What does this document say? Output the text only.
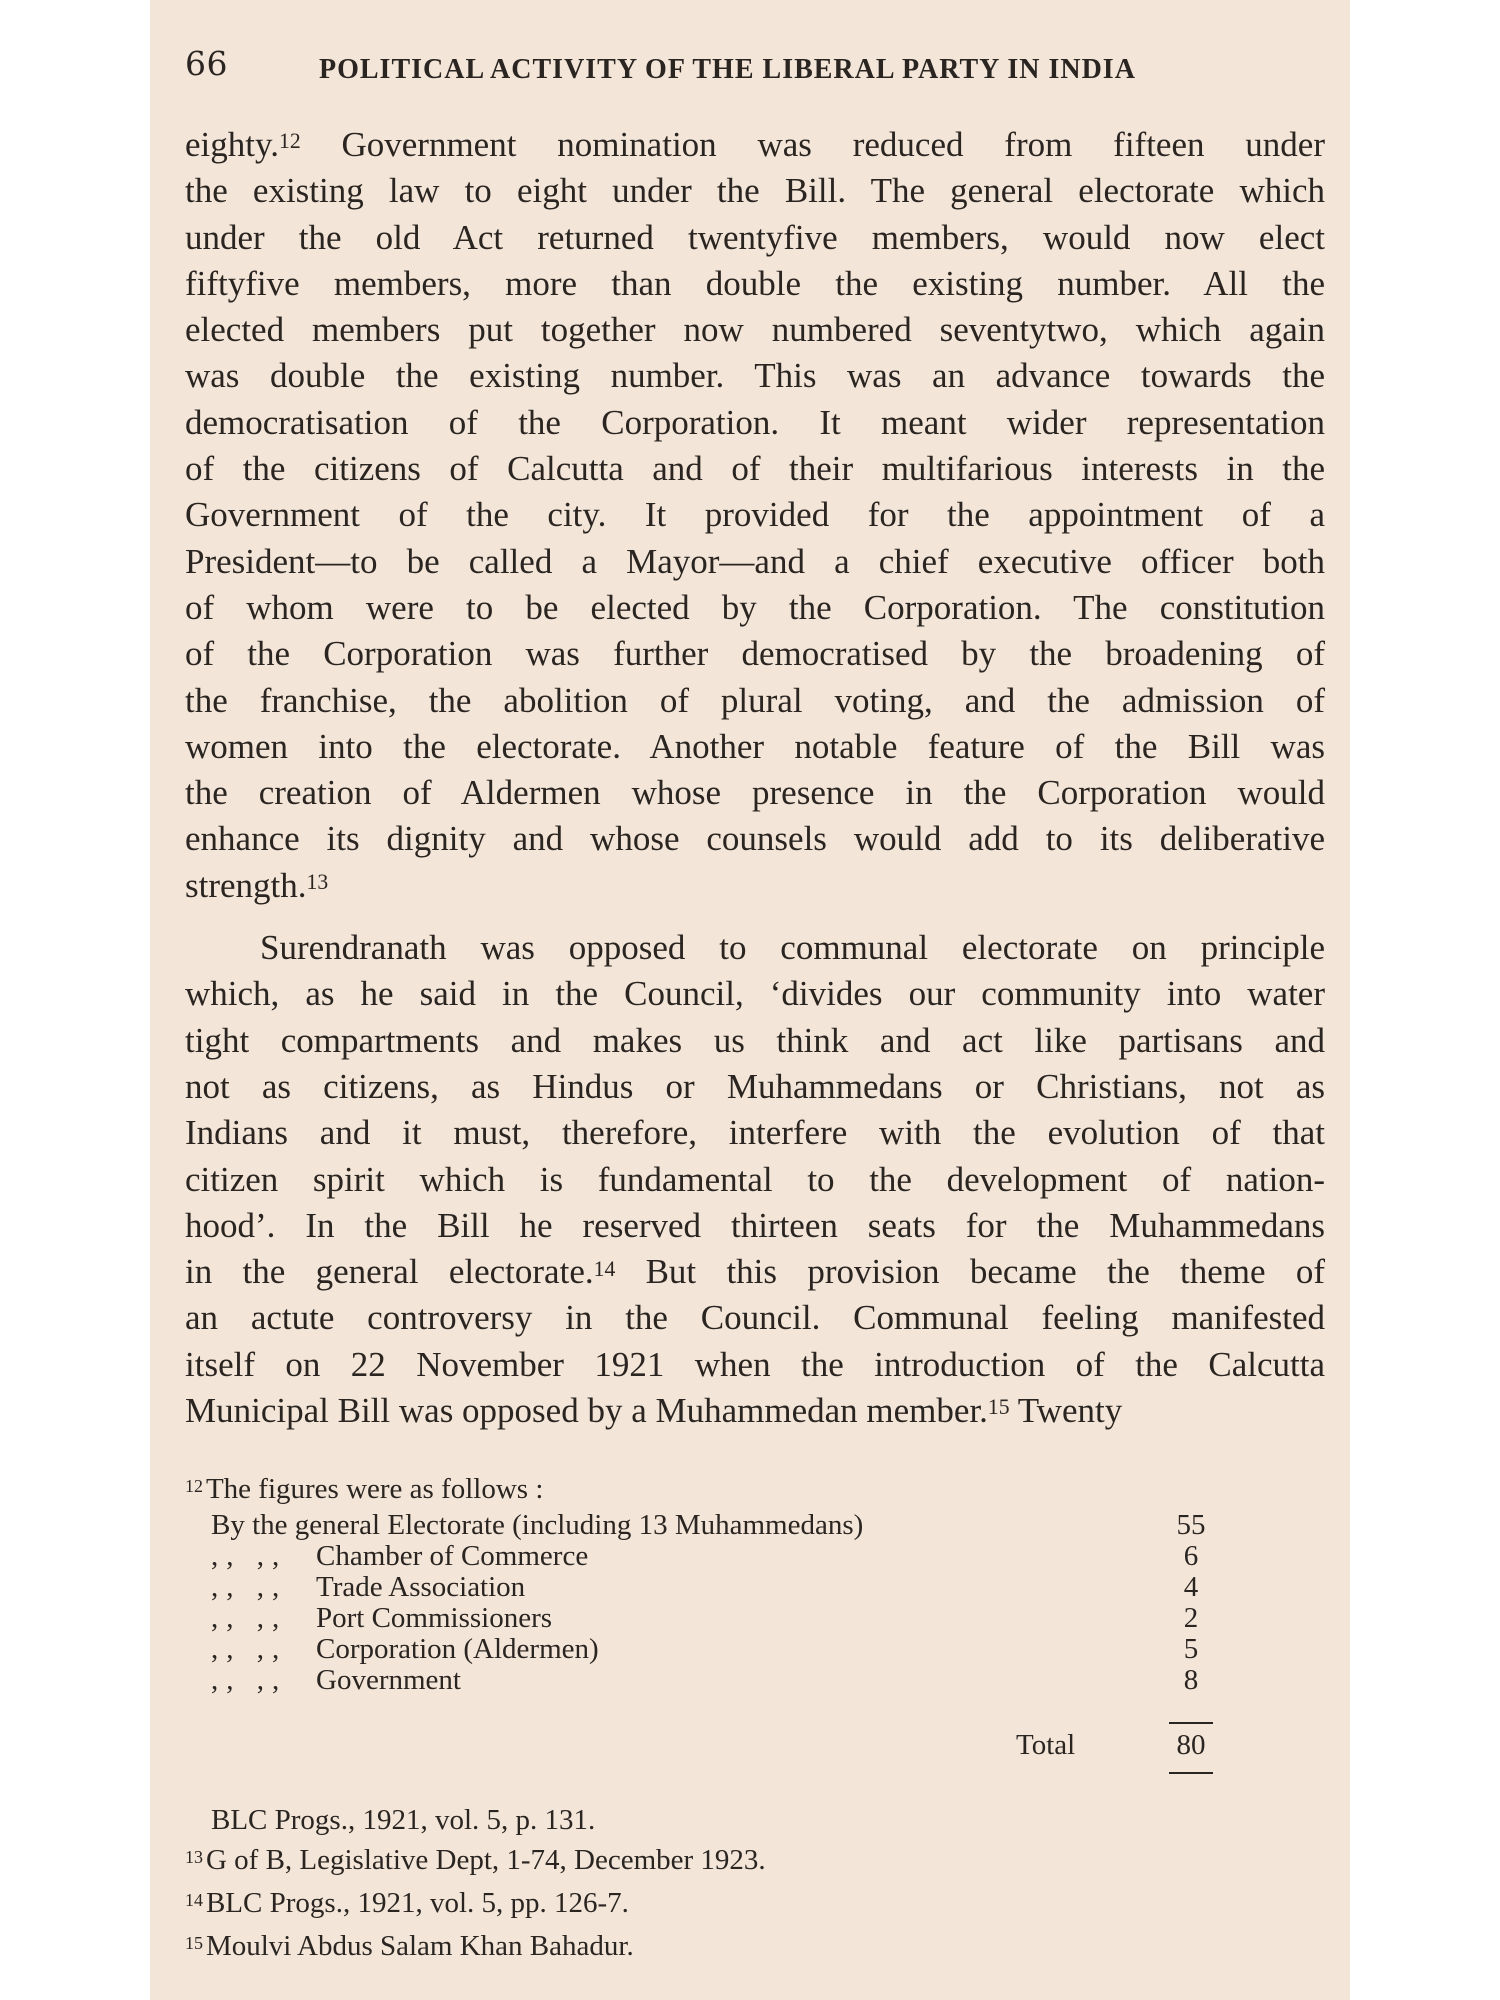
66	POLITICAL ACTIVITY OF THE LIBERAL PARTY IN INDIA
eighty.$^{12}$ Government nomination was reduced from fifteen under
the existing law to eight under the Bill. The general electorate which
under the old Act returned twentyfive members, would now elect
fiftyfive members, more than double the existing number. All the
elected members put together now numbered seventytwo, which again
was double the existing number. This was an advance towards the
democratisation of the Corporation. It meant wider representation
of the citizens of Calcutta and of their multifarious interests in the
Government of the city. It provided for the appointment of a
President—to be called a Mayor—and a chief executive officer both
of whom were to be elected by the Corporation. The constitution
of the Corporation was further democratised by the broadening of
the franchise, the abolition of plural voting, and the admission of
women into the electorate. Another notable feature of the Bill was
the creation of Aldermen whose presence in the Corporation would
enhance its dignity and whose counsels would add to its deliberative
strength.$^{13}$
Surendranath was opposed to communal electorate on principle
which, as he said in the Council, ‘divides our community into water
tight compartments and makes us think and act like partisans and
not as citizens, as Hindus or Muhammedans or Christians, not as
Indians and it must, therefore, interfere with the evolution of that
citizen spirit which is fundamental to the development of nation-
hood’. In the Bill he reserved thirteen seats for the Muhammedans
in the general electorate.$^{14}$ But this provision became the theme of
an actute controversy in the Council. Communal feeling manifested
itself on 22 November 1921 when the introduction of the Calcutta
Municipal Bill was opposed by a Muhammedan member.$^{15}$ Twenty
$^{12}$ The figures were as follows :
By the general Electorate (including 13 Muhammedans)	55
,, ,, Chamber of Commerce	6
,, ,, Trade Association	4
,, ,, Port Commissioners	2
,, ,, Corporation (Aldermen)	5
,, ,, Government	8
Total	80
BLC Progs., 1921, vol. 5, p. 131.
$^{13}$ G of B, Legislative Dept, 1-74, December 1923.
$^{14}$ BLC Progs., 1921, vol. 5, pp. 126-7.
$^{15}$ Moulvi Abdus Salam Khan Bahadur.
